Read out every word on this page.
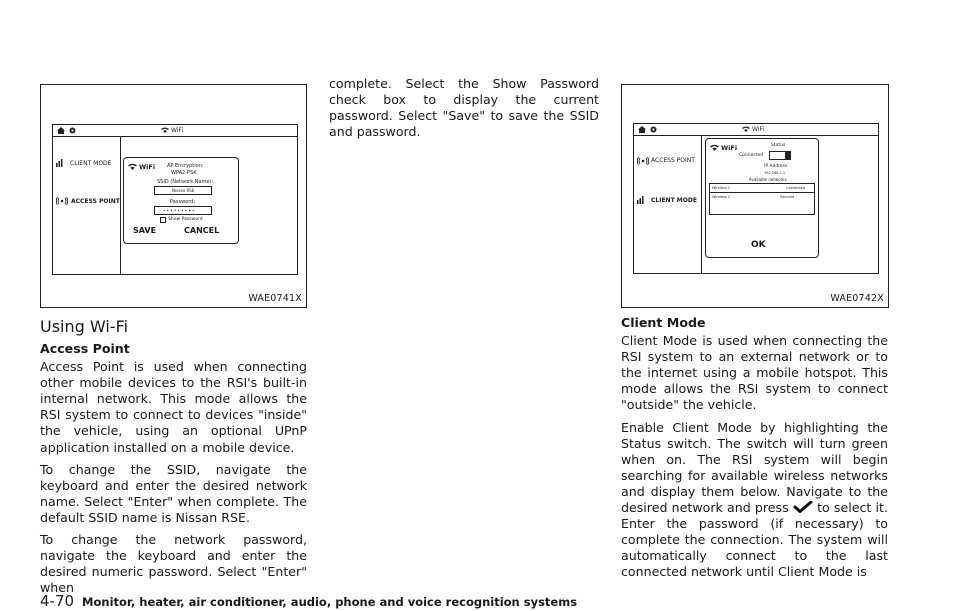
WiFi
CLIENT MODE
ACCESS POINT
WiFi AP Encryption:
WPA2-PSK
SSID (Network Name):
Nissan RSE
Password:
• • • • • • • • •
Show Password
SAVE	CANCEL
WAE0741X
WiFi
ACCESS POINT
CLIENT MODE
WiFi	Status
Connected
IP Address
192.168.1.1
Available networks
Wireless 1	Connected
Wireless 2	Secured
OK
WAE0742X
Using Wi-Fi
Access Point

Access Point is used when connecting other mobile devices to the RSI's built-in internal network. This mode allows the RSI system to connect to devices "inside" the vehicle, using an optional UPnP application installed on a mobile device.

To change the SSID, navigate the keyboard and enter the desired network name. Select "Enter" when complete. The default SSID name is Nissan RSE.

To change the network password, navigate the keyboard and enter the desired numeric password. Select "Enter" when

complete. Select the Show Password check box to display the current password. Select "Save" to save the SSID and password.

Client Mode

Client Mode is used when connecting the RSI system to an external network or to the internet using a mobile hotspot. This mode allows the RSI system to connect "outside" the vehicle.

Enable Client Mode by highlighting the Status switch. The switch will turn green when on. The RSI system will begin searching for available wireless networks and display them below. Navigate to the desired network and press to select it. Enter the password (if necessary) to complete the connection. The system will automatically connect to the last connected network until Client Mode is

4-70 Monitor, heater, air conditioner, audio, phone and voice recognition systems
